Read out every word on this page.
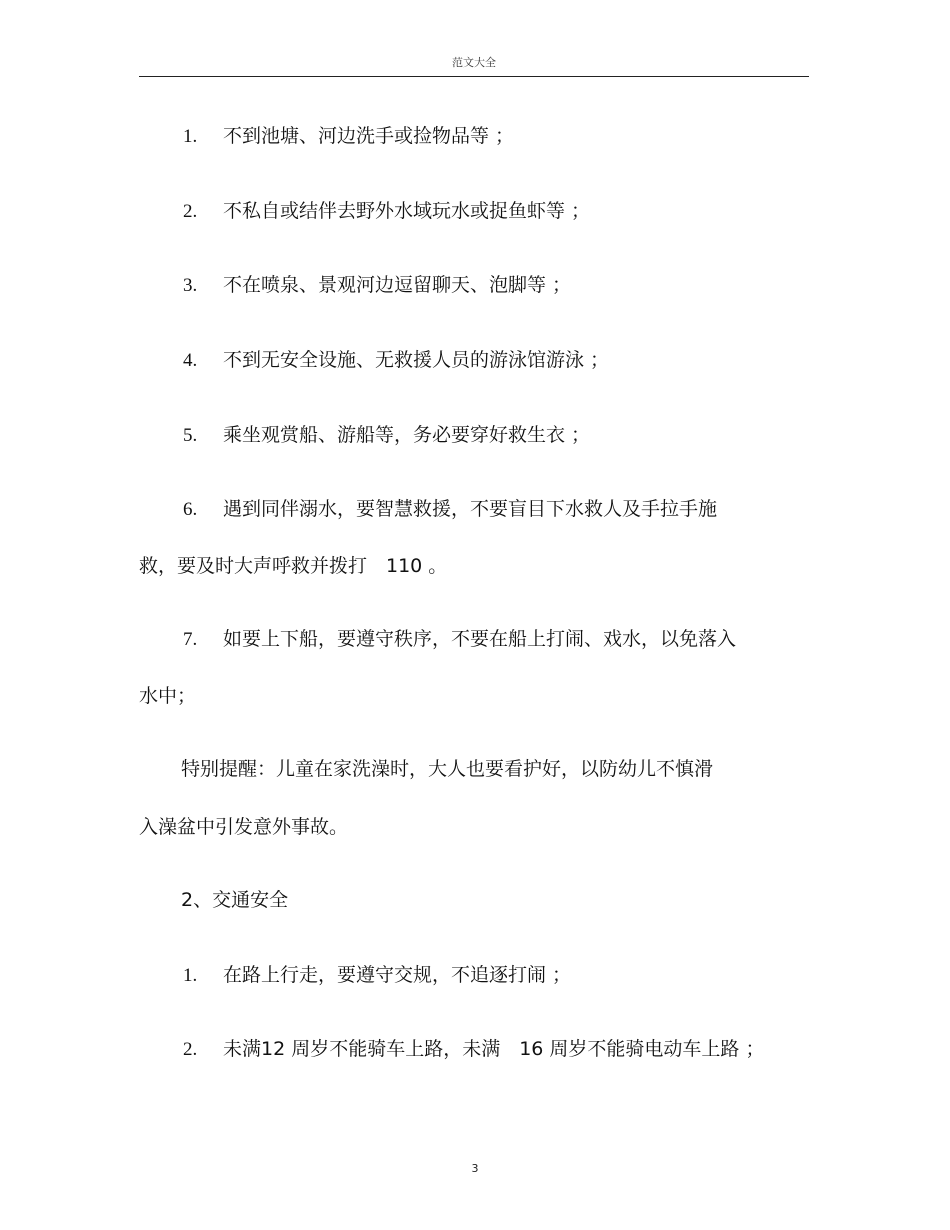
范文大全
1. 不到池塘、河边洗手或捡物品等 ；
2. 不私自或结伴去野外水域玩水或捉鱼虾等 ；
3. 不在喷泉、景观河边逗留聊天、泡脚等 ；
4. 不到无安全设施、无救援人员的游泳馆游泳 ；
5. 乘坐观赏船、游船等，务必要穿好救生衣 ；
6. 遇到同伴溺水，要智慧救援，不要盲目下水救人及手拉手施
救，要及时大声呼救并拨打　110 。
7. 如要上下船，要遵守秩序，不要在船上打闹、戏水，以免落入
水中；
特别提醒：儿童在家洗澡时，大人也要看护好，以防幼儿不慎滑
入澡盆中引发意外事故。
2、交通安全
1. 在路上行走，要遵守交规，不追逐打闹 ；
2. 未满12 周岁不能骑车上路，未满　16 周岁不能骑电动车上路 ；
3
